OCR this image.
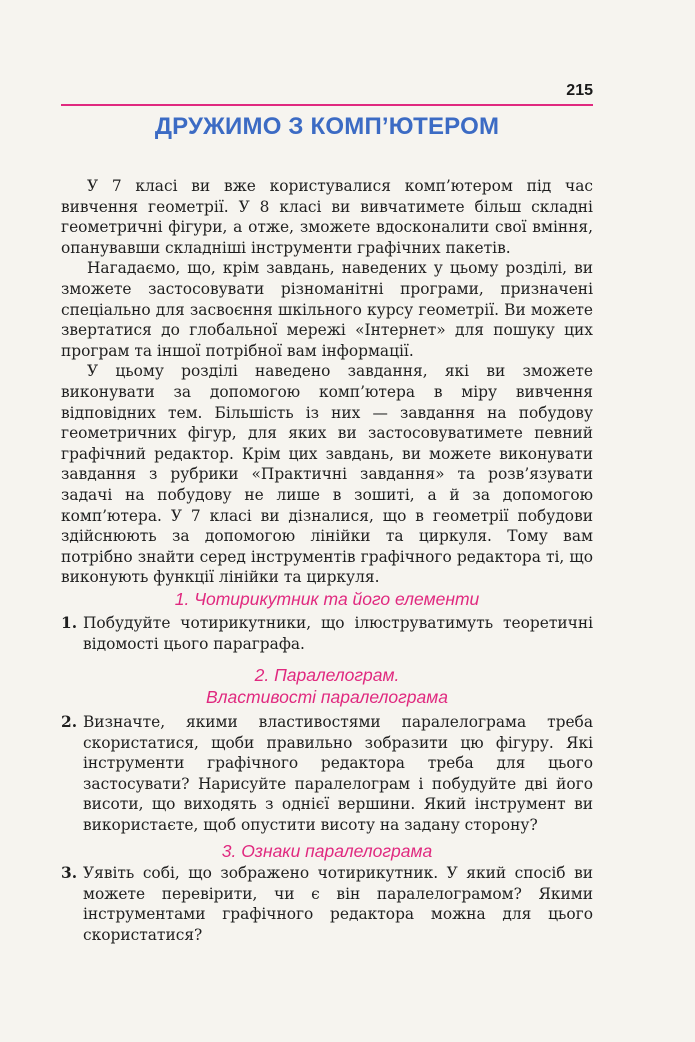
215
ДРУЖИМО З КОМП’ЮТЕРОМ

У 7 класі ви вже користувалися комп’ютером під час вивчення геометрії. У 8 класі ви вивчатимете більш складні геометричні фігури, а отже, зможете вдосконалити свої вміння, опанувавши складніші інструменти графічних пакетів.

Нагадаємо, що, крім завдань, наведених у цьому розділі, ви зможете застосовувати різноманітні програми, призначені спеціально для засвоєння шкільного курсу геометрії. Ви можете звертатися до глобальної мережі «Інтернет» для пошуку цих програм та іншої потрібної вам інформації.

У цьому розділі наведено завдання, які ви зможете виконувати за допомогою комп’ютера в міру вивчення відповідних тем. Більшість із них — завдання на побудову геометричних фігур, для яких ви застосовуватимете певний графічний редактор. Крім цих завдань, ви можете виконувати завдання з рубрики «Практичні завдання» та розв’язувати задачі на побудову не лише в зошиті, а й за допомогою комп’ютера. У 7 класі ви дізналися, що в геометрії побудови здійснюють за допомогою лінійки та циркуля. Тому вам потрібно знайти серед інструментів графічного редактора ті, що виконують функції лінійки та циркуля.

1. Чотирикутник та його елементи
1. Побудуйте чотирикутники, що ілюструватимуть теоретичні відомості цього параграфа.
2. Паралелограм.
Властивості паралелограма
2. Визначте, якими властивостями паралелограма треба скористатися, щоби правильно зобразити цю фігуру. Які інструменти графічного редактора треба для цього застосувати? Нарисуйте паралелограм і побудуйте дві його висоти, що виходять з однієї вершини. Який інструмент ви використаєте, щоб опустити висоту на задану сторону?
3. Ознаки паралелограма
3. Уявіть собі, що зображено чотирикутник. У який спосіб ви можете перевірити, чи є він паралелограмом? Якими інструментами графічного редактора можна для цього скористатися?
